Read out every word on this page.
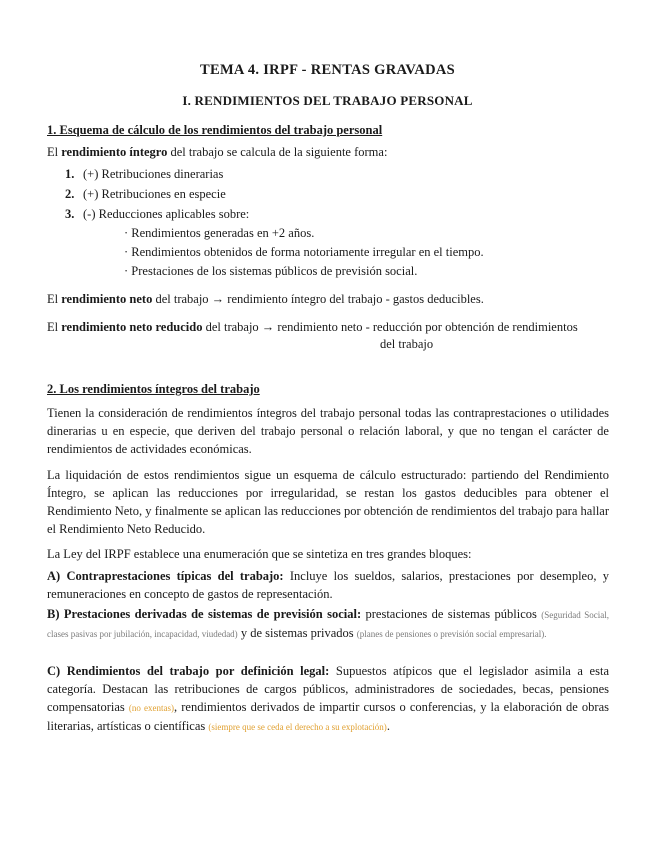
TEMA 4. IRPF - RENTAS GRAVADAS
I. RENDIMIENTOS DEL TRABAJO PERSONAL
1. Esquema de cálculo de los rendimientos del trabajo personal
El rendimiento íntegro del trabajo se calcula de la siguiente forma:
1. (+) Retribuciones dinerarias
2. (+) Retribuciones en especie
3. (-) Reducciones aplicables sobre:
· Rendimientos generadas en +2 años.
· Rendimientos obtenidos de forma notoriamente irregular en el tiempo.
· Prestaciones de los sistemas públicos de previsión social.
El rendimiento neto del trabajo → rendimiento íntegro del trabajo - gastos deducibles.
El rendimiento neto reducido del trabajo → rendimiento neto - reducción por obtención de rendimientos
del trabajo
2. Los rendimientos íntegros del trabajo
Tienen la consideración de rendimientos íntegros del trabajo personal todas las contraprestaciones o utilidades dinerarias u en especie, que deriven del trabajo personal o relación laboral, y que no tengan el carácter de rendimientos de actividades económicas.
La liquidación de estos rendimientos sigue un esquema de cálculo estructurado: partiendo del Rendimiento Íntegro, se aplican las reducciones por irregularidad, se restan los gastos deducibles para obtener el Rendimiento Neto, y finalmente se aplican las reducciones por obtención de rendimientos del trabajo para hallar el Rendimiento Neto Reducido.
La Ley del IRPF establece una enumeración que se sintetiza en tres grandes bloques:
A) Contraprestaciones típicas del trabajo: Incluye los sueldos, salarios, prestaciones por desempleo, y remuneraciones en concepto de gastos de representación.
B) Prestaciones derivadas de sistemas de previsión social: prestaciones de sistemas públicos (Seguridad Social, clases pasivas por jubilación, incapacidad, viudedad) y de sistemas privados (planes de pensiones o previsión social empresarial).
C) Rendimientos del trabajo por definición legal: Supuestos atípicos que el legislador asimila a esta categoría. Destacan las retribuciones de cargos públicos, administradores de sociedades, becas, pensiones compensatorias (no exentas), rendimientos derivados de impartir cursos o conferencias, y la elaboración de obras literarias, artísticas o científicas (siempre que se ceda el derecho a su explotación).
